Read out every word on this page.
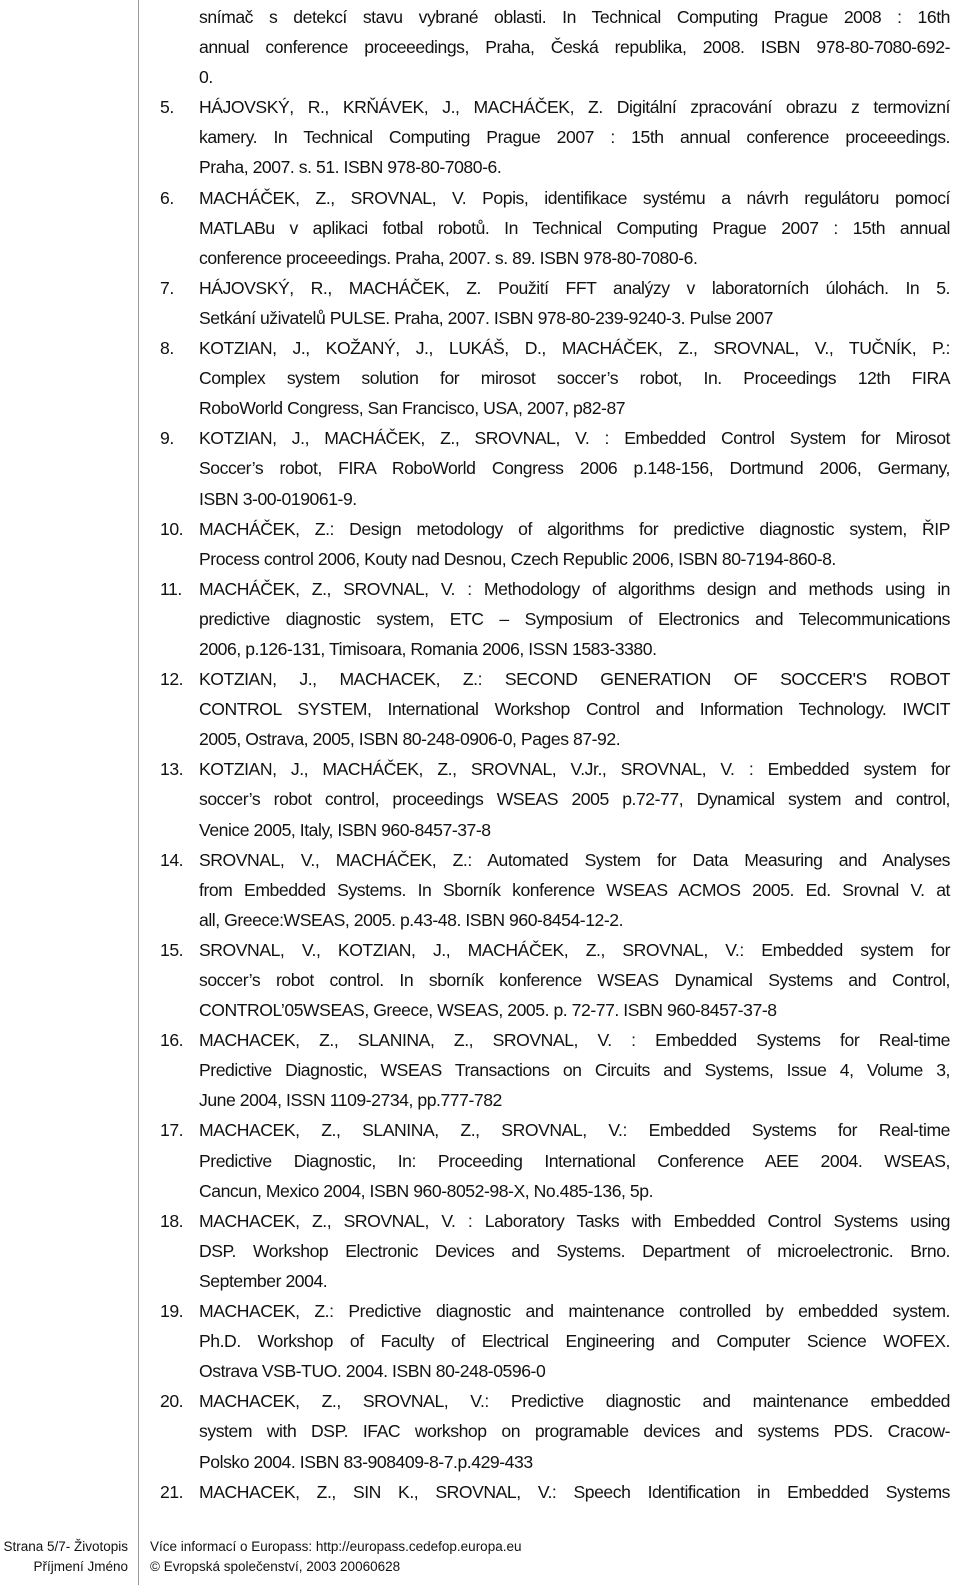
snímač s detekcí stavu vybrané oblasti. In Technical Computing Prague 2008 : 16th
annual conference proceeedings, Praha, Česká republika, 2008. ISBN 978-80-7080-692-
0.
5. HÁJOVSKÝ, R., KRŇÁVEK, J., MACHÁČEK, Z. Digitální zpracování obrazu z termovizní
kamery. In Technical Computing Prague 2007 : 15th annual conference proceeedings.
Praha, 2007. s. 51. ISBN 978-80-7080-6.
6. MACHÁČEK, Z., SROVNAL, V. Popis, identifikace systému a návrh regulátoru pomocí
MATLABu v aplikaci fotbal robotů. In Technical Computing Prague 2007 : 15th annual
conference proceeedings. Praha, 2007. s. 89. ISBN 978-80-7080-6.
7. HÁJOVSKÝ, R., MACHÁČEK, Z. Použití FFT analýzy v laboratorních úlohách. In 5.
Setkání uživatelů PULSE. Praha, 2007. ISBN 978-80-239-9240-3. Pulse 2007
8. KOTZIAN, J., KOŽANÝ, J., LUKÁŠ, D., MACHÁČEK, Z., SROVNAL, V., TUČNÍK, P.:
Complex system solution for mirosot soccer’s robot, In. Proceedings 12th FIRA
RoboWorld Congress, San Francisco, USA, 2007, p82-87
9. KOTZIAN, J., MACHÁČEK, Z., SROVNAL, V. : Embedded Control System for Mirosot
Soccer’s robot, FIRA RoboWorld Congress 2006 p.148-156, Dortmund 2006, Germany,
ISBN 3-00-019061-9.
10. MACHÁČEK, Z.: Design metodology of algorithms for predictive diagnostic system, ŘIP
Process control 2006, Kouty nad Desnou, Czech Republic 2006, ISBN 80-7194-860-8.
11. MACHÁČEK, Z., SROVNAL, V. : Methodology of algorithms design and methods using in
predictive diagnostic system, ETC – Symposium of Electronics and Telecommunications
2006, p.126-131, Timisoara, Romania 2006, ISSN 1583-3380.
12. KOTZIAN, J., MACHACEK, Z.: SECOND GENERATION OF SOCCER'S ROBOT
CONTROL SYSTEM, International Workshop Control and Information Technology. IWCIT
2005, Ostrava, 2005, ISBN 80-248-0906-0, Pages 87-92.
13. KOTZIAN, J., MACHÁČEK, Z., SROVNAL, V.Jr., SROVNAL, V. : Embedded system for
soccer’s robot control, proceedings WSEAS 2005 p.72-77, Dynamical system and control,
Venice 2005, Italy, ISBN 960-8457-37-8
14. SROVNAL, V., MACHÁČEK, Z.: Automated System for Data Measuring and Analyses
from Embedded Systems. In Sborník konference WSEAS ACMOS 2005. Ed. Srovnal V. at
all, Greece:WSEAS, 2005. p.43-48. ISBN 960-8454-12-2.
15. SROVNAL, V., KOTZIAN, J., MACHÁČEK, Z., SROVNAL, V.: Embedded system for
soccer’s robot control. In sborník konference WSEAS Dynamical Systems and Control,
CONTROL’05WSEAS, Greece, WSEAS, 2005. p. 72-77. ISBN 960-8457-37-8
16. MACHACEK, Z., SLANINA, Z., SROVNAL, V. : Embedded Systems for Real-time
Predictive Diagnostic, WSEAS Transactions on Circuits and Systems, Issue 4, Volume 3,
June 2004, ISSN 1109-2734, pp.777-782
17. MACHACEK, Z., SLANINA, Z., SROVNAL, V.: Embedded Systems for Real-time
Predictive Diagnostic, In: Proceeding International Conference AEE 2004. WSEAS,
Cancun, Mexico 2004, ISBN 960-8052-98-X, No.485-136, 5p.
18. MACHACEK, Z., SROVNAL, V. : Laboratory Tasks with Embedded Control Systems using
DSP. Workshop Electronic Devices and Systems. Department of microelectronic. Brno.
September 2004.
19. MACHACEK, Z.: Predictive diagnostic and maintenance controlled by embedded system.
Ph.D. Workshop of Faculty of Electrical Engineering and Computer Science WOFEX.
Ostrava VSB-TUO. 2004. ISBN 80-248-0596-0
20. MACHACEK, Z., SROVNAL, V.: Predictive diagnostic and maintenance embedded
system with DSP. IFAC workshop on programable devices and systems PDS. Cracow-
Polsko 2004. ISBN 83-908409-8-7.p.429-433
21. MACHACEK, Z., SIN K., SROVNAL, V.: Speech Identification in Embedded Systems
Strana 5/7- Životopis
Příjmení Jméno
Více informací o Europass: http://europass.cedefop.europa.eu
© Evropská společenství, 2003 20060628
